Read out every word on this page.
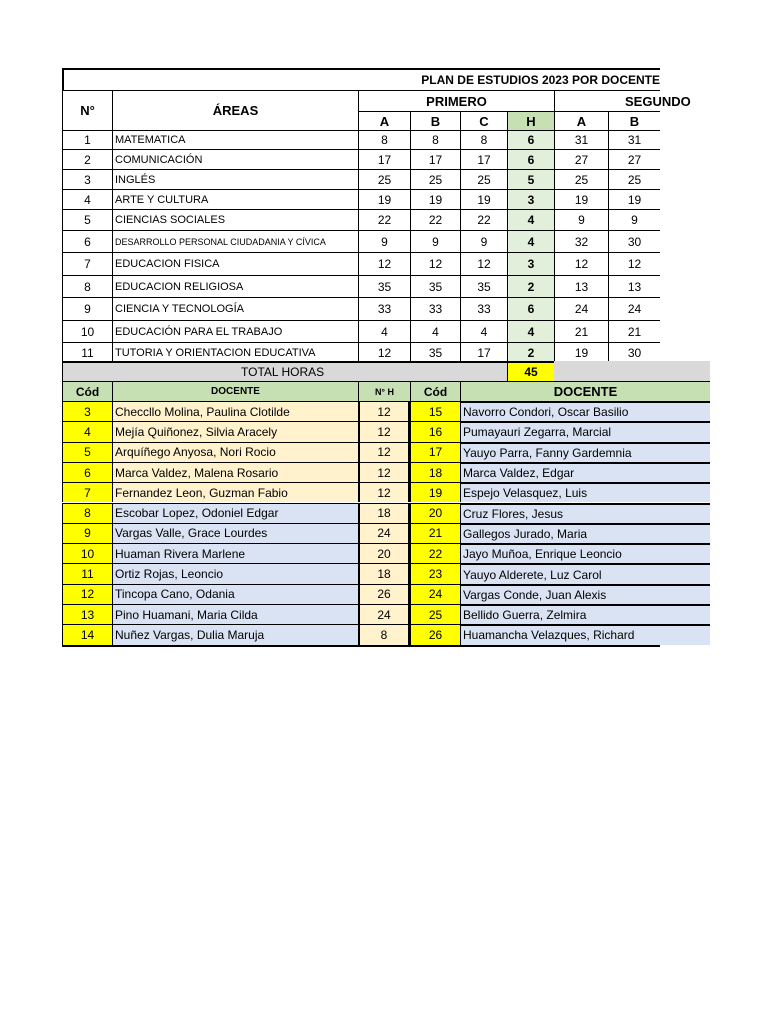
PLAN DE ESTUDIOS 2023 POR DOCENTE
N°	ÁREAS
PRIMERO	SEGUNDO
A	B	C	H	A	B
1	MATEMATICA	8	8	8	6	31	31
2	COMUNICACIÓN	17	17	17	6	27	27
3	INGLÉS	25	25	25	5	25	25
4	ARTE Y CULTURA	19	19	19	3	19	19
5	CIENCIAS SOCIALES	22	22	22	4	9	9
6	DESARROLLO PERSONAL CIUDADANIA Y CÍVICA	9	9	9	4	32	30
7	EDUCACION FISICA	12	12	12	3	12	12
8	EDUCACION RELIGIOSA	35	35	35	2	13	13
9	CIENCIA Y TECNOLOGÍA	33	33	33	6	24	24
10	EDUCACIÓN PARA EL TRABAJO	4	4	4	4	21	21
11	TUTORIA Y ORIENTACION EDUCATIVA	12	35	17	2	19	30
TOTAL HORAS	45
Cód	DOCENTE	N° H	Cód	DOCENTE
3	Checcllo Molina, Paulina Clotilde	12	15	Navorro Condori, Oscar Basilio
4	Mejía Quiñonez, Silvia Aracely	12	16	Pumayauri Zegarra, Marcial
5	Arquíñego Anyosa, Nori Rocio	12	17	Yauyo Parra, Fanny Gardemnia
6	Marca Valdez, Malena Rosario	12	18	Marca Valdez, Edgar
7	Fernandez Leon, Guzman Fabio	12	19	Espejo Velasquez, Luis
8	Escobar Lopez, Odoniel Edgar	18	20	Cruz Flores, Jesus
9	Vargas Valle, Grace Lourdes	24	21	Gallegos Jurado, Maria
10	Huaman Rivera Marlene	20	22	Jayo Muñoa, Enrique Leoncio
11	Ortiz Rojas, Leoncio	18	23	Yauyo Alderete, Luz Carol
12	Tincopa Cano, Odania	26	24	Vargas Conde, Juan Alexis
13	Pino Huamani, Maria Cilda	24	25	Bellido Guerra, Zelmira
14	Nuñez Vargas, Dulia Maruja	8	26	Huamancha Velazques, Richard
